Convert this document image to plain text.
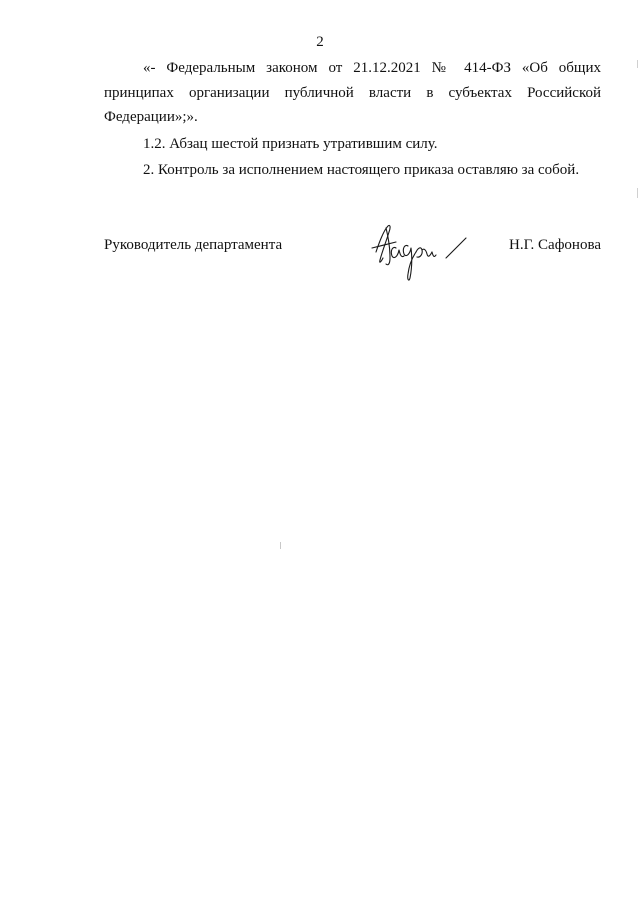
2

«- Федеральным законом от 21.12.2021 № 414-ФЗ «Об общих
принципах организации публичной власти в субъектах Российской
Федерации»;».

1.2. Абзац шестой признать утратившим силу.

2. Контроль за исполнением настоящего приказа оставляю за собой.

Руководитель департамента	Н.Г. Сафонова
